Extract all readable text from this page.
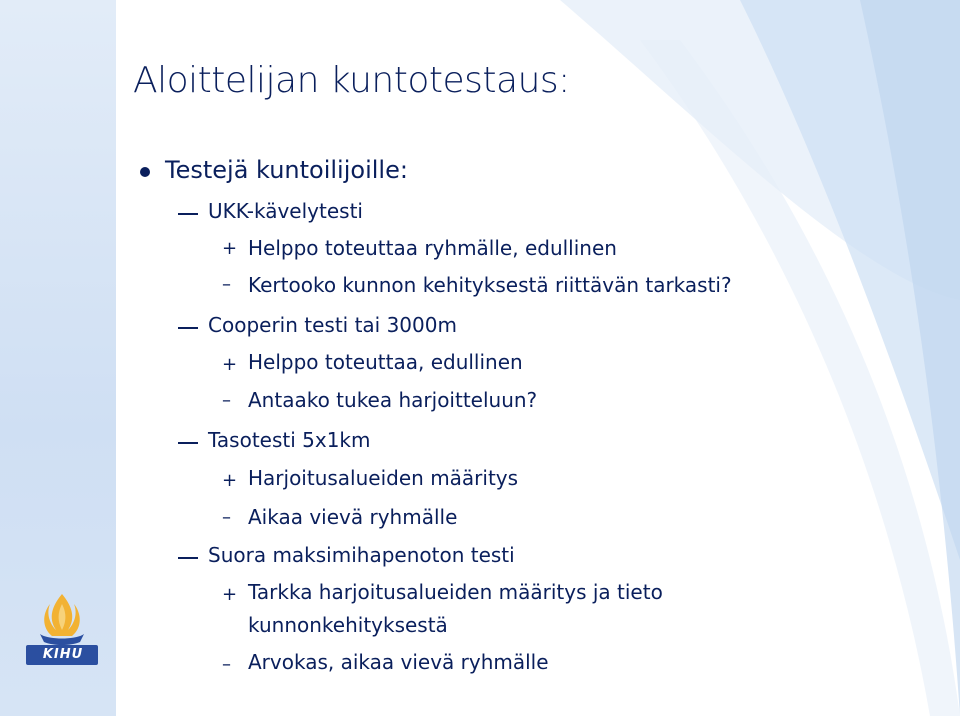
Aloittelijan kuntotestaus:
Testejä kuntoilijoille:
UKK-kävelytesti
+ Helppo toteuttaa ryhmälle, edullinen
– Kertooko kunnon kehityksestä riittävän tarkasti?
Cooperin testi tai 3000m
+ Helppo toteuttaa, edullinen
– Antaako tukea harjoitteluun?
Tasotesti 5x1km
+ Harjoitusalueiden määritys
– Aikaa vievä ryhmälle
Suora maksimihapenoton testi
+ Tarkka harjoitusalueiden määritys ja tieto
kunnonkehityksestä
– Arvokas, aikaa vievä ryhmälle
KIHU
